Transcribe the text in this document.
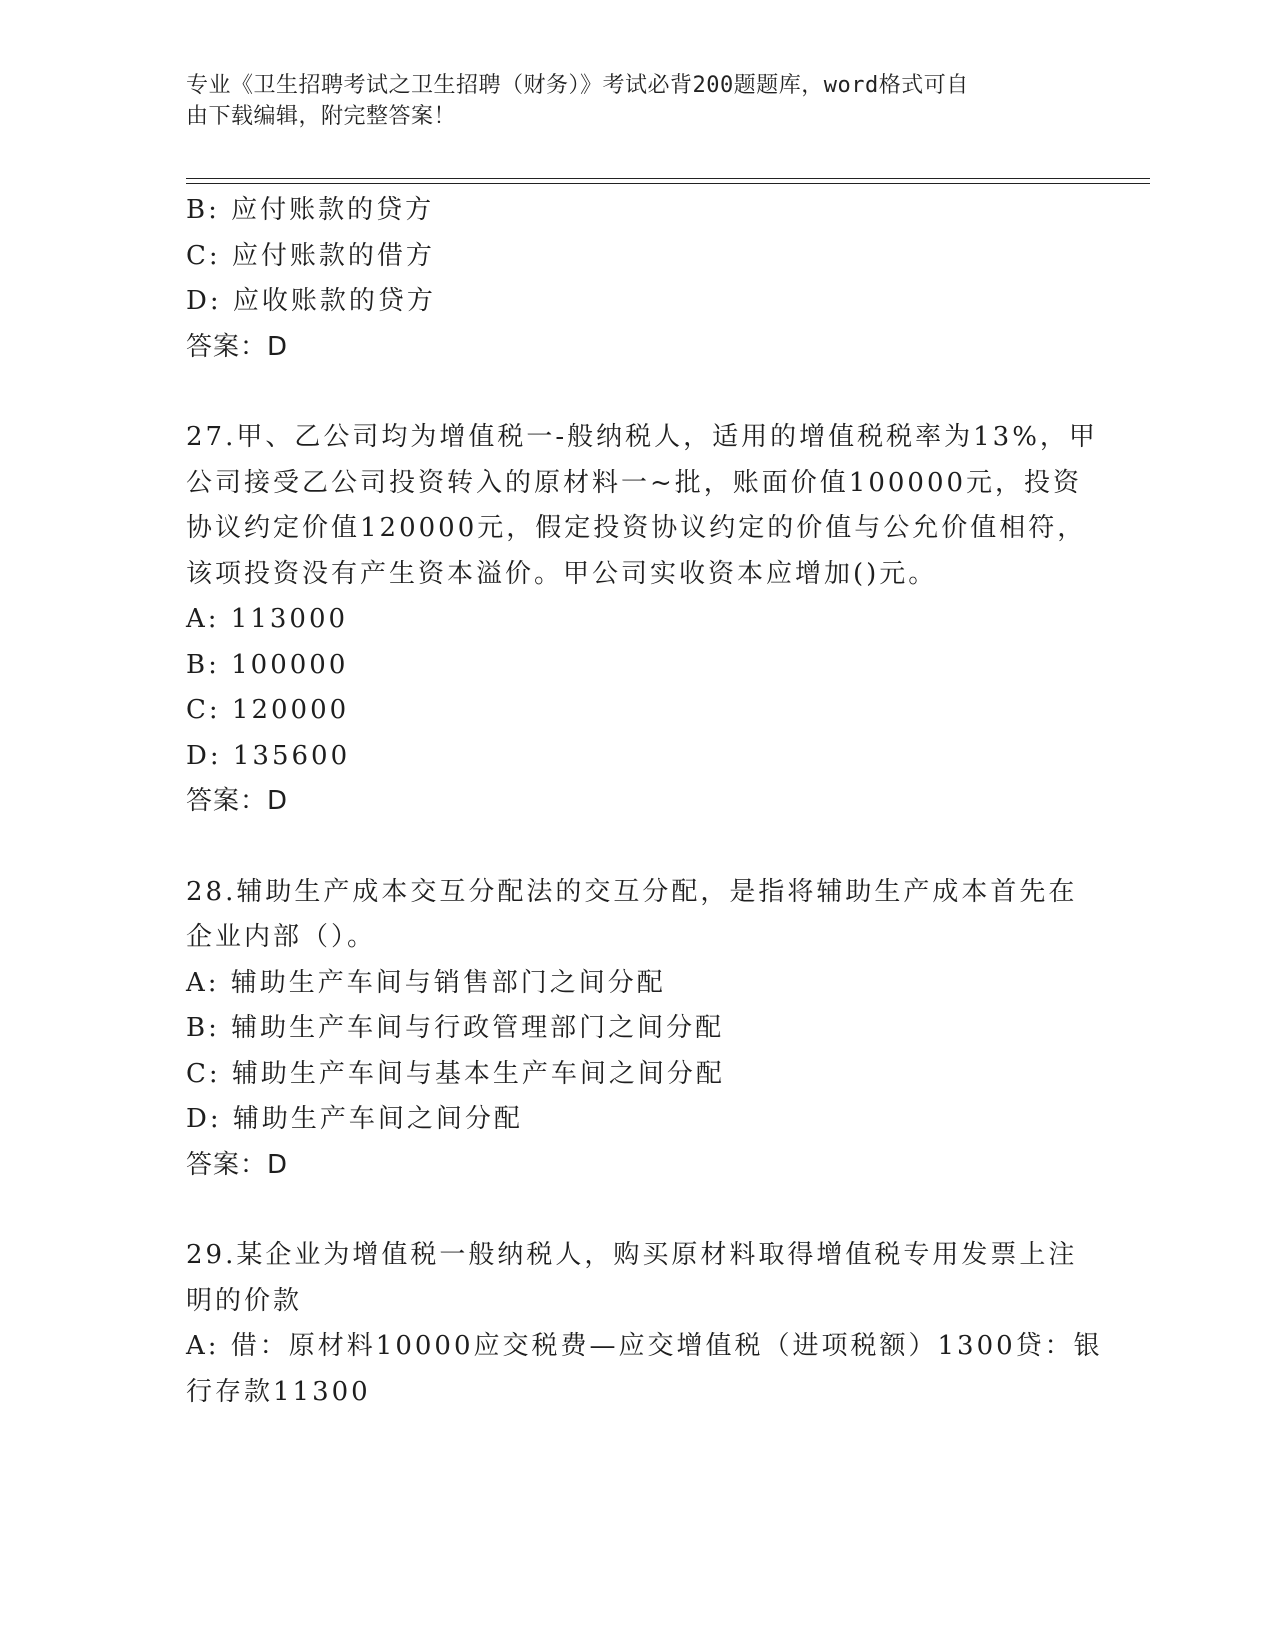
专业《卫生招聘考试之卫生招聘（财务）》考试必背200题题库，word格式可自
由下载编辑，附完整答案！
B: 应付账款的贷方
C: 应付账款的借方
D: 应收账款的贷方
答案：D
27.甲、乙公司均为增值税一-般纳税人，适用的增值税税率为13%，甲
公司接受乙公司投资转入的原材料一~批，账面价值100000元，投资
协议约定价值120000元，假定投资协议约定的价值与公允价值相符，
该项投资没有产生资本溢价。甲公司实收资本应增加()元。
A: 113000
B: 100000
C: 120000
D: 135600
答案：D
28.辅助生产成本交互分配法的交互分配，是指将辅助生产成本首先在
企业内部（）。
A: 辅助生产车间与销售部门之间分配
B: 辅助生产车间与行政管理部门之间分配
C: 辅助生产车间与基本生产车间之间分配
D: 辅助生产车间之间分配
答案：D
29.某企业为增值税一般纳税人，购买原材料取得增值税专用发票上注
明的价款
A: 借：原材料10000应交税费—应交增值税（进项税额）1300贷：银
行存款11300
